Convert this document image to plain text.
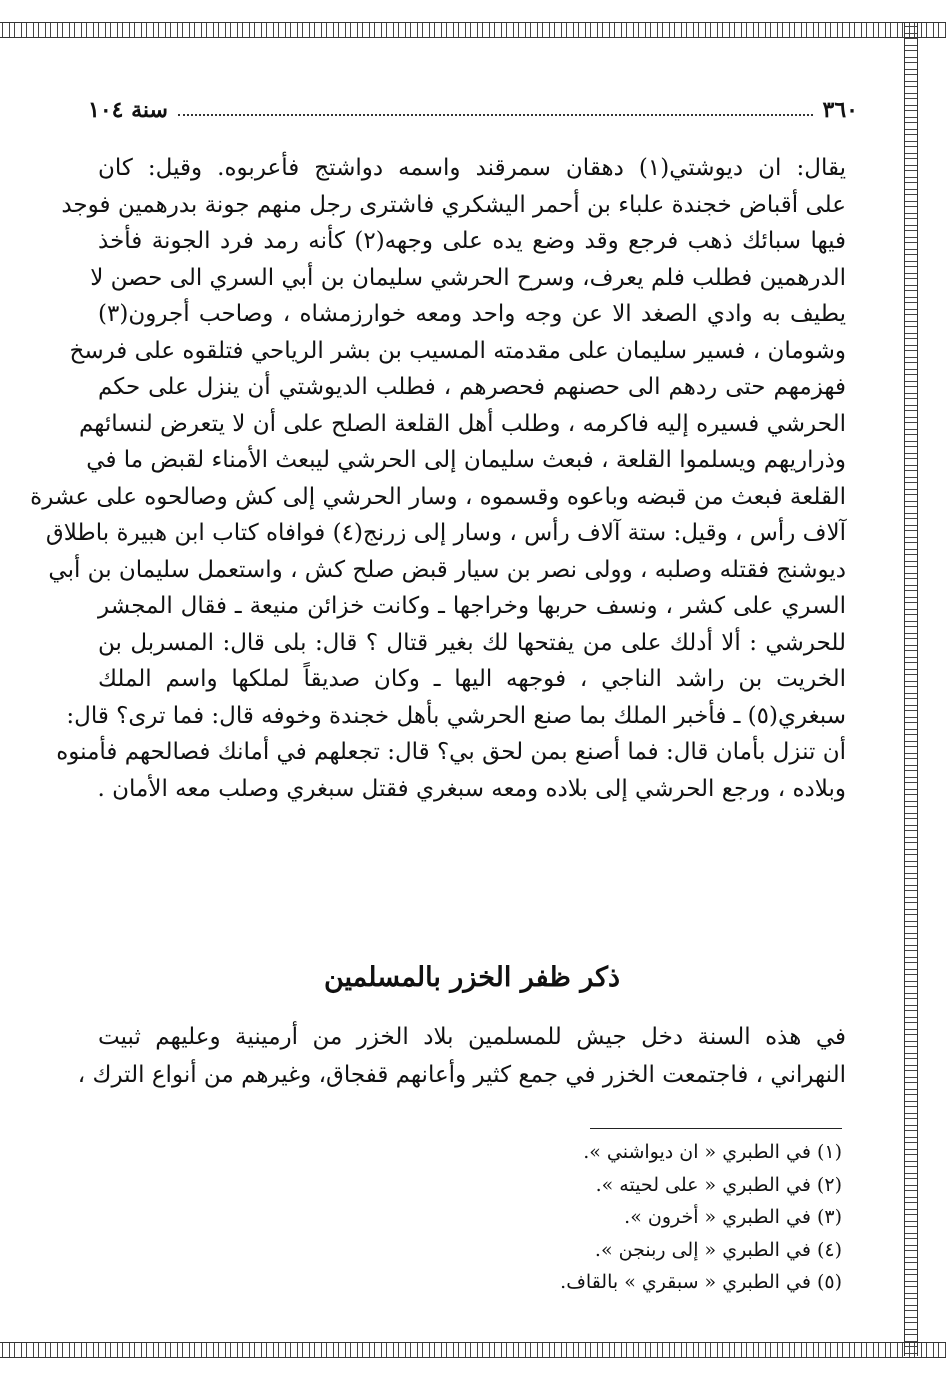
٣٦٠
سنة ١٠٤
يقال: ان ديوشتي(١) دهقان سمرقند واسمه دواشتج فأعربوه. وقيل: كان
على أقباض خجندة علباء بن أحمر اليشكري فاشترى رجل منهم جونة بدرهمين فوجد
فيها سبائك ذهب فرجع وقد وضع يده على وجهه(٢) كأنه رمد فرد الجونة فأخذ
الدرهمين فطلب فلم يعرف، وسرح الحرشي سليمان بن أبي السري الى حصن لا
يطيف به وادي الصغد الا عن وجه واحد ومعه خوارزمشاه ، وصاحب أجرون(٣)
وشومان ، فسير سليمان على مقدمته المسيب بن بشر الرياحي فتلقوه على فرسخ
فهزمهم حتى ردهم الى حصنهم فحصرهم ، فطلب الديوشتي أن ينزل على حكم
الحرشي فسيره إليه فاكرمه ، وطلب أهل القلعة الصلح على أن لا يتعرض لنسائهم
وذراريهم ويسلموا القلعة ، فبعث سليمان إلى الحرشي ليبعث الأمناء لقبض ما في
القلعة فبعث من قبضه وباعوه وقسموه ، وسار الحرشي إلى كش وصالحوه على عشرة
آلاف رأس ، وقيل: ستة آلاف رأس ، وسار إلى زرنج(٤) فوافاه كتاب ابن هبيرة باطلاق
ديوشنج فقتله وصلبه ، وولى نصر بن سيار قبض صلح كش ، واستعمل سليمان بن أبي
السري على كشر ، ونسف حربها وخراجها ـ وكانت خزائن منيعة ـ فقال المجشر
للحرشي : ألا أدلك على من يفتحها لك بغير قتال ؟ قال: بلى قال: المسربل بن
الخريت بن راشد الناجي ، فوجهه اليها ـ وكان صديقاً لملكها واسم الملك
سبغري(٥) ـ فأخبر الملك بما صنع الحرشي بأهل خجندة وخوفه قال: فما ترى؟ قال:
أن تنزل بأمان قال: فما أصنع بمن لحق بي؟ قال: تجعلهم في أمانك فصالحهم فأمنوه
وبلاده ، ورجع الحرشي إلى بلاده ومعه سبغري فقتل سبغري وصلب معه الأمان .
ذكر ظفر الخزر بالمسلمين
في هذه السنة دخل جيش للمسلمين بلاد الخزر من أرمينية وعليهم ثبيت
النهراني ، فاجتمعت الخزر في جمع كثير وأعانهم قفجاق، وغيرهم من أنواع الترك ،
(١) في الطبري « ان ديواشني ».
(٢) في الطبري « على لحيته ».
(٣) في الطبري « أخرون ».
(٤) في الطبري « إلى ربنجن ».
(٥) في الطبري « سبقري » بالقاف.
